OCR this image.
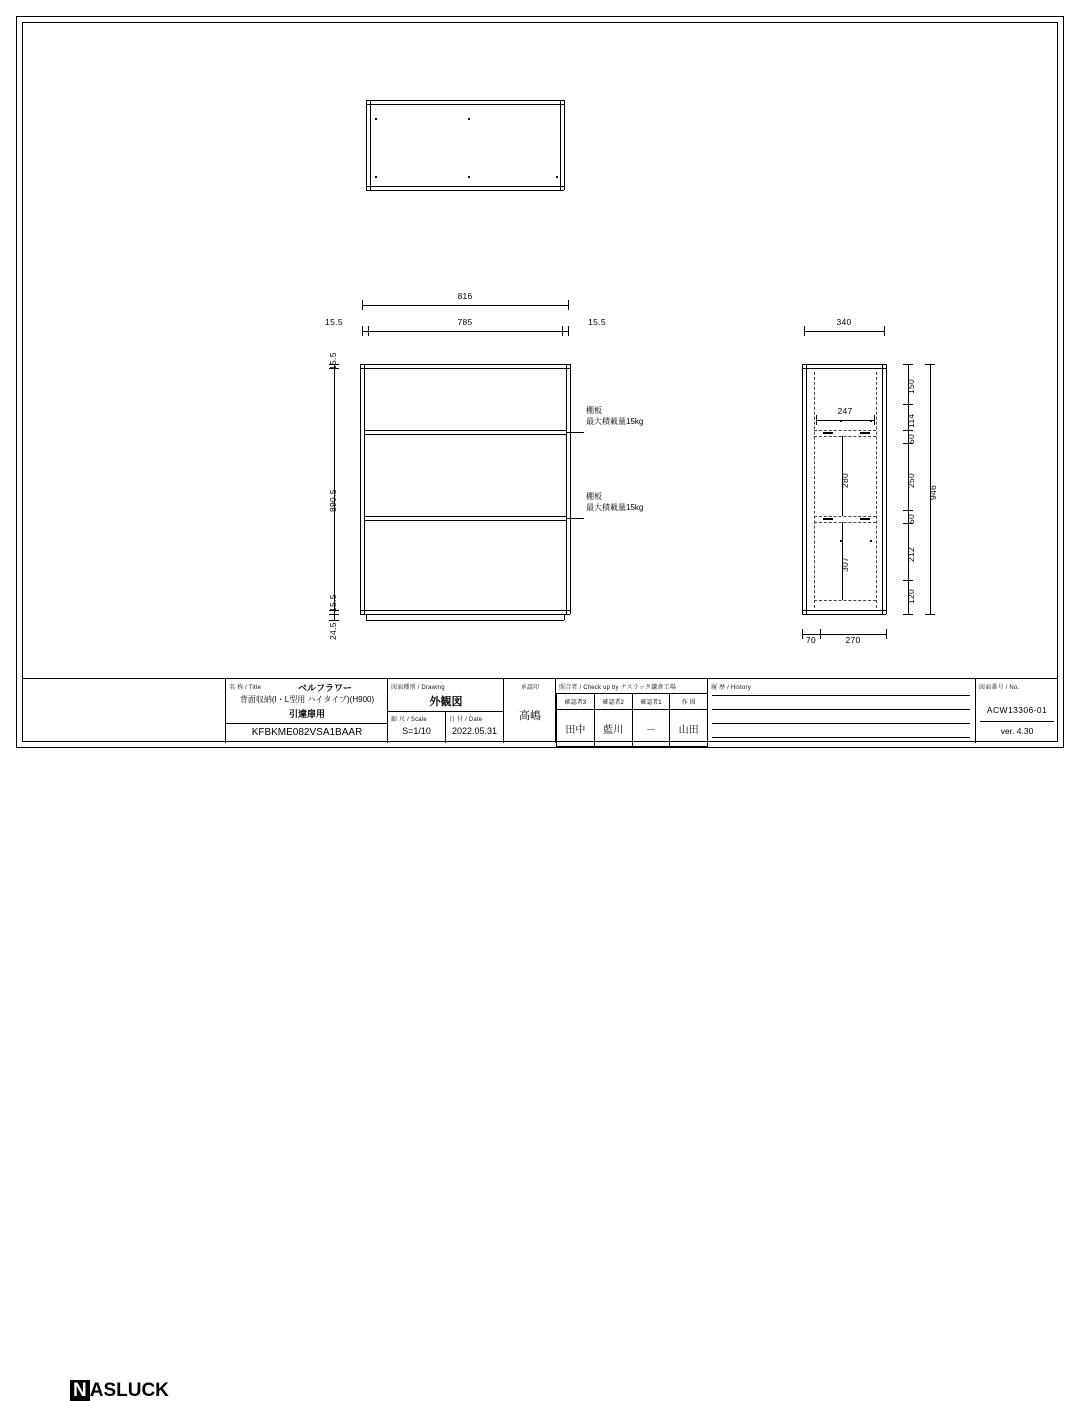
816
785
15.5	15.5
15.5
890.5
15.5
24.5
棚板
最大積載量15kg
棚板
最大積載量15kg
340
247
280
307
150
114
50
250
50
212
120
946
70	270
N ASLUCK
名 称 / Title	ベルフラワー
背面収納(I・L型用 ハイタイプ)(H900)
引違扉用
KFBKME082VSA1BAAR
図面種別 / Drawing
外観図
縮 尺 / Scale
S=1/10
日 付 / Date
2022.05.31
承認印
高嶋
照合者 / Check up by ナスラック鎌倉工場
確認者3	確認者2	確認者1	作 図
田中	藍川	－	山田
履 歴 / History	図面番号 / No.
ACW13306-01
ver. 4.30
